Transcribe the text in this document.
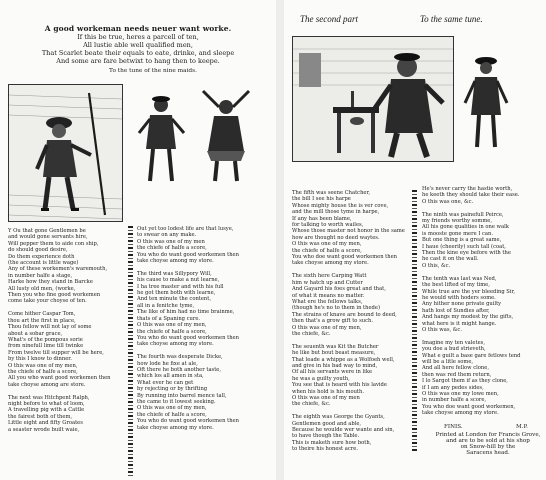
A good workeman needs neuer want worke.
If this be true, heres a parcell of ten,
All lustie able well qualified men,
That Scarlet beate their equals to eate, drinke, and sleepe
And some are fare betwixt to hang then to keepe.
To the tune of the nine maids.
Y Ou that gone Gentlemen be
and would gone servants hire,
Will pepper them to aide con ship,
do should good desire,
Do them experience doth
(the account is little wage)
Any of these workemen's waremouth,
in number halfe a stage,
Harke how they stand in Barcke
All lusty old men, (worke,
Then you who fine good workemen
come take your choyse of ten.

Come hither Caspar Tom,
thou art the first in place,
Thou fellow will not lay of some
about a sobar grace,
What's of the pompous sorie
from ninefull lime till twinke
From twelve till supper will be here,
by this I know to dinner.
O this was one of my men,
the chiefe of halfe a score,
All you who want good workemen then
take choyse among are store.

The next was Hitchpent Ralph,
night before to what of loom,
A travelling pig with a Cattle
the fairest both of them,
Little eight and fifty Groates
a seaster wrode built waie,
Out yet too lodest life are that lusye,
to swear on any make.
O this was one of my men
the chiefe of halfe a score,
You who do want good workemen then
take choyse among my store.

The third was Sillypory Will,
his cause to make a nut learne,
I ha tree master and with his full
he got them both with learne,
And ten minute the content,
all in a fenitche tyme,
The like of him had no time brainme,
thats of a Spaning cure.
O this was one of my men,
the chiefe of halfe a score,
You who do want good workemen then
take choyse among my store.

The fourth was desperate Dicke,
how lode he fixe at ale,
Oft there he both another taste,
which los all amen in sta,
What ever he can get
by rejecting or by thrifting
By running into barrel mence tall,
the came to it lowest seeking.
O this was one of my men,
the chiefe of halfe a score,
You who do want good workemen then
take choyse among my store.
The second part	To the same tune.
The fifth was seene Chatcher,
the bill I see his harpe
Whose mighty house the is ver cove,
and the mill those tyme in harpe,
If any has been blame,
for talking to worth wailes,
Whose those master not honor in the same
how are thought no deed waytes.
O this was one of my men,
the chiefe of halfe a score,
You who doe want good workemen then
take choyse among my store.

The sixth here Carping Watt
him w hatch up and Cutter
And Gayard his foes great and that,
of what it means no matter.
What ere the fellows talks,
(though he's no to them in thede)
The strains of knave are bound to deed,
then that's a grow gift to such.
O this was one of my men,
the chiefe, &c.

The seuenth was Kit the Butcher
he like but bout beast measure,
That leade a whippe as a Wolfoeh well,
and give in his bad way to mind,
Of all his servants were in like
he was a guilty youth,
You see that is heard with his lavide
when his hold is his mouth.
O this was one of my men
the chiefe, &c.

The eighth was George the Gyants,
Gentlemen good and able,
Because he woulde wer wante and sin,
to have though the Table.
This is maketh sure how both,
to theire his honest acre.
He's never carry the hastie worth,
he keeth they should take their ease.
O this was one, &c.

The ninth was painefull Peirce,
my friends worthy somme,
All his gone qualities in one walk
is mooste gone mere I can.
But one thing is a great same,
I haue (cheerily) such tall (coat,
Then the kine eye before with the
he cast it on the wall.
O this, &c.

The tenth was last was Ned,
the best lifted of my time,
While true are the yer bleeding Sir,
he would with hoders some.
Any hither none private guilty
hath lost of Sundies after,
And hangs my modest by the gifts,
what here is it might hange.
O this was, &c.

Imagine my ten valetes,
you doe a bud strieveth,
What e guilt a base gare fetlows tend
will be a litle some,
And all here fellow clone,
then was red them return,
I lo Sargot them if as they clone,
if I am any pedes sides,
O this was one my lowe men,
in number halfe a score,
You who doe want good workemen,
take choyse among my store.
FINIS.	M.P.
Printed at London for Francis Grove,
and are to be sold at his shop
on Snow-hill by the
Saracens head.
